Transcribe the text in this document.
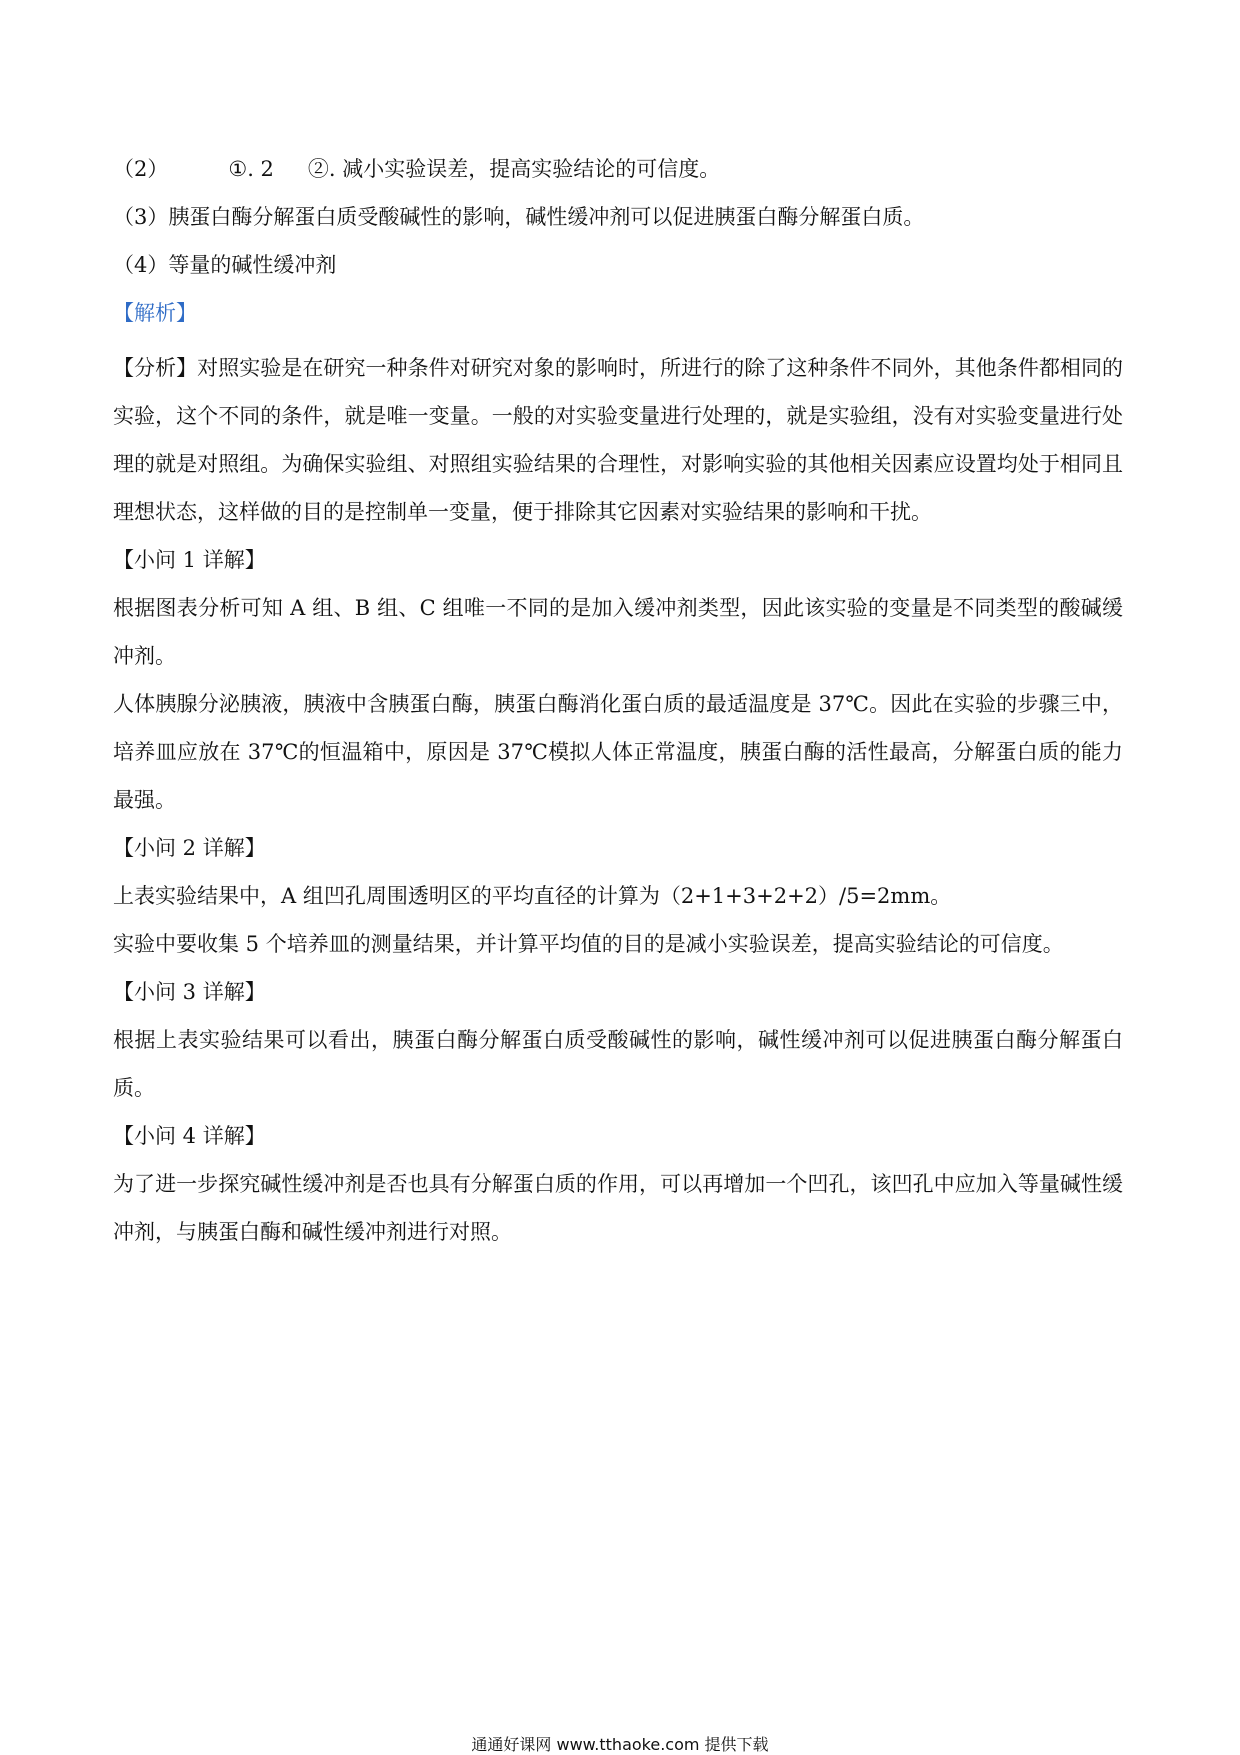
（2）	①. 2 ②. 减小实验误差，提高实验结论的可信度。
（3）胰蛋白酶分解蛋白质受酸碱性的影响，碱性缓冲剂可以促进胰蛋白酶分解蛋白质。
（4）等量的碱性缓冲剂
【解析】
【分析】对照实验是在研究一种条件对研究对象的影响时，所进行的除了这种条件不同外，其他条件都相同的实验，这个不同的条件，就是唯一变量。一般的对实验变量进行处理的，就是实验组，没有对实验变量进行处理的就是对照组。为确保实验组、对照组实验结果的合理性，对影响实验的其他相关因素应设置均处于相同且理想状态，这样做的目的是控制单一变量，便于排除其它因素对实验结果的影响和干扰。
【小问 1 详解】
根据图表分析可知 A 组、B 组、C 组唯一不同的是加入缓冲剂类型，因此该实验的变量是不同类型的酸碱缓冲剂。
人体胰腺分泌胰液，胰液中含胰蛋白酶，胰蛋白酶消化蛋白质的最适温度是 37℃。因此在实验的步骤三中，培养皿应放在 37℃的恒温箱中，原因是 37℃模拟人体正常温度，胰蛋白酶的活性最高，分解蛋白质的能力最强。
【小问 2 详解】
上表实验结果中，A 组凹孔周围透明区的平均直径的计算为（2+1+3+2+2）/5=2mm。
实验中要收集 5 个培养皿的测量结果，并计算平均值的目的是减小实验误差，提高实验结论的可信度。
【小问 3 详解】
根据上表实验结果可以看出，胰蛋白酶分解蛋白质受酸碱性的影响，碱性缓冲剂可以促进胰蛋白酶分解蛋白质。
【小问 4 详解】
为了进一步探究碱性缓冲剂是否也具有分解蛋白质的作用，可以再增加一个凹孔，该凹孔中应加入等量碱性缓冲剂，与胰蛋白酶和碱性缓冲剂进行对照。
通通好课网 www.tthaoke.com 提供下载
